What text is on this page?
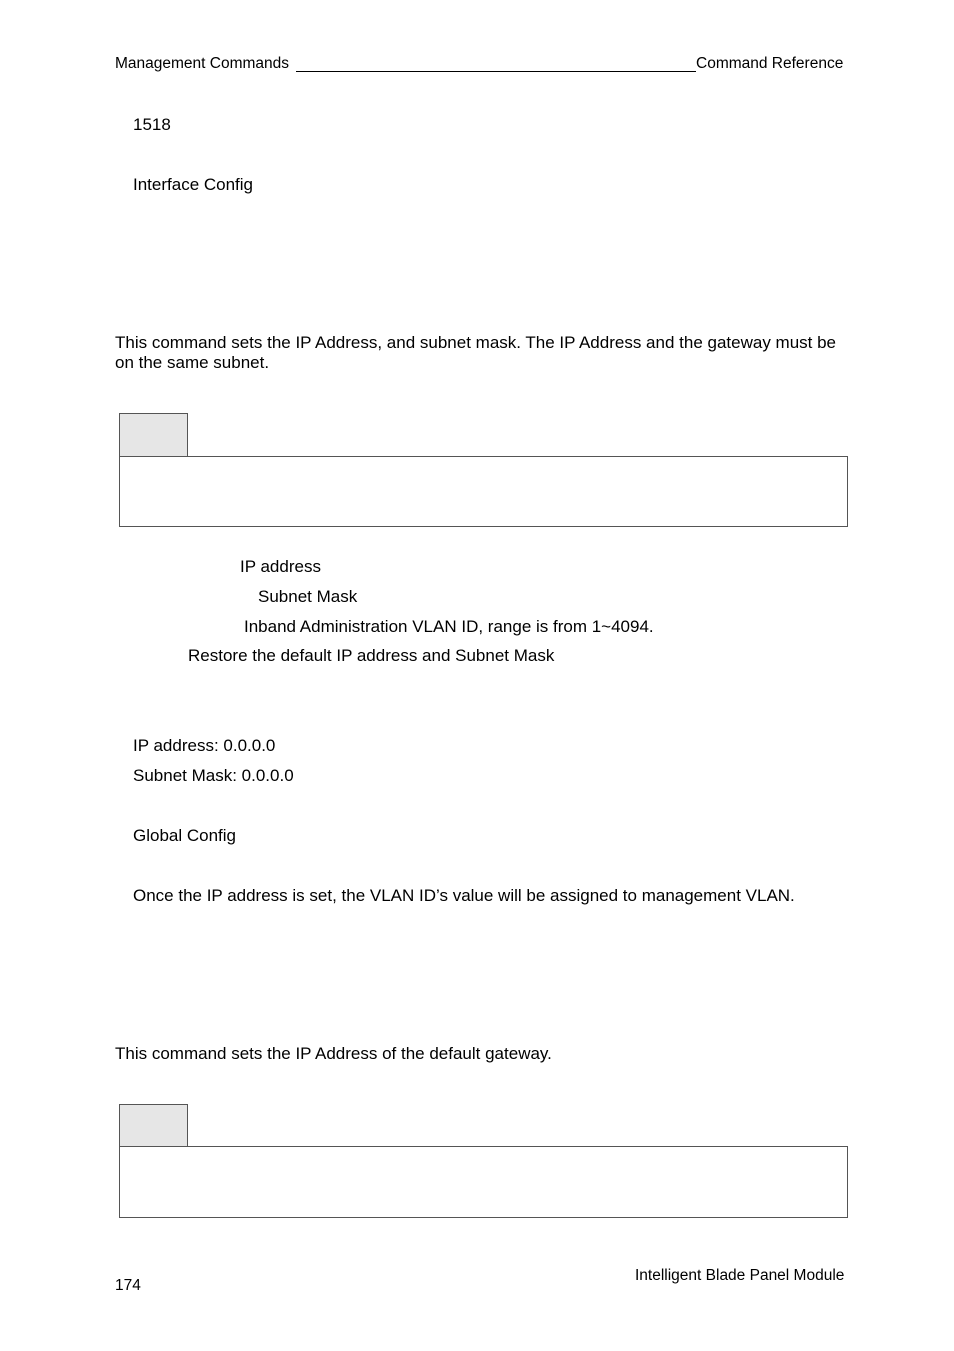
Management Commands	Command Reference
1518
Interface Config
This command sets the IP Address, and subnet mask. The IP Address and the gateway must be on the same subnet.
IP address
Subnet Mask
Inband Administration VLAN ID, range is from 1~4094.
Restore the default IP address and Subnet Mask
IP address: 0.0.0.0
Subnet Mask: 0.0.0.0
Global Config
Once the IP address is set, the VLAN ID’s value will be assigned to management VLAN.
This command sets the IP Address of the default gateway.
174
Intelligent Blade Panel Module
